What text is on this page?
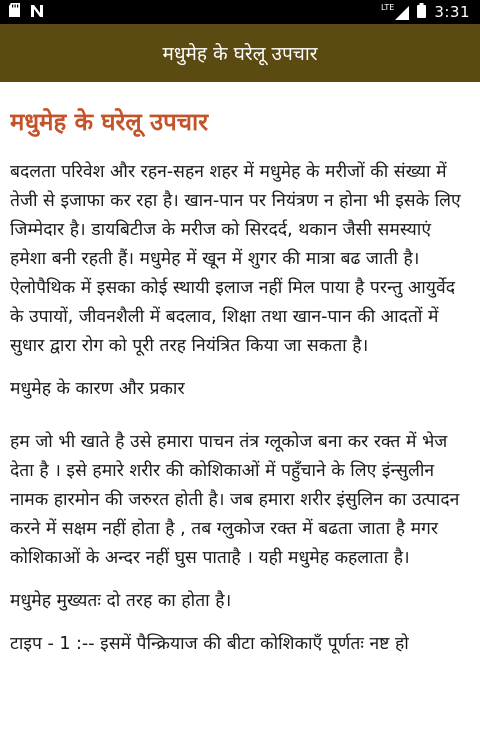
LTE	3:31
मधुमेह के घरेलू उपचार
मधुमेह के घरेलू उपचार

बदलता परिवेश और रहन-सहन शहर में मधुमेह के मरीजों की संख्या में तेजी से इजाफा कर रहा है। खान-पान पर नियंत्रण न होना भी इसके लिए जिम्मेदार है। डायबिटीज के मरीज को सिरदर्द, थकान जैसी समस्याएं हमेशा बनी रहती हैं। मधुमेह में खून में शुगर की मात्रा बढ जाती है। ऐलोपैथिक में इसका कोई स्थायी इलाज नहीं मिल पाया है परन्तु आयुर्वेद के उपायों, जीवनशैली में बदलाव, शिक्षा तथा खान-पान की आदतों में सुधार द्वारा रोग को पूरी तरह नियंत्रित किया जा सकता है।

मधुमेह के कारण और प्रकार

हम जो भी खाते है उसे हमारा पाचन तंत्र ग्लूकोज बना कर रक्त में भेज देता है । इसे हमारे शरीर की कोशिकाओं में पहुँचाने के लिए इंन्सुलीन नामक हारमोन की जरुरत होती है। जब हमारा शरीर इंसुलिन का उत्पादन करने में सक्षम नहीं होता है , तब ग्लुकोज रक्त में बढता जाता है मगर कोशिकाओं के अन्दर नहीं घुस पाताहै । यही मधुमेह कहलाता है।

मधुमेह मुख्यतः दो तरह का होता है।

टाइप - 1 :-- इसमें पैन्क्रियाज की बीटा कोशिकाएँ पूर्णतः नष्ट हो
